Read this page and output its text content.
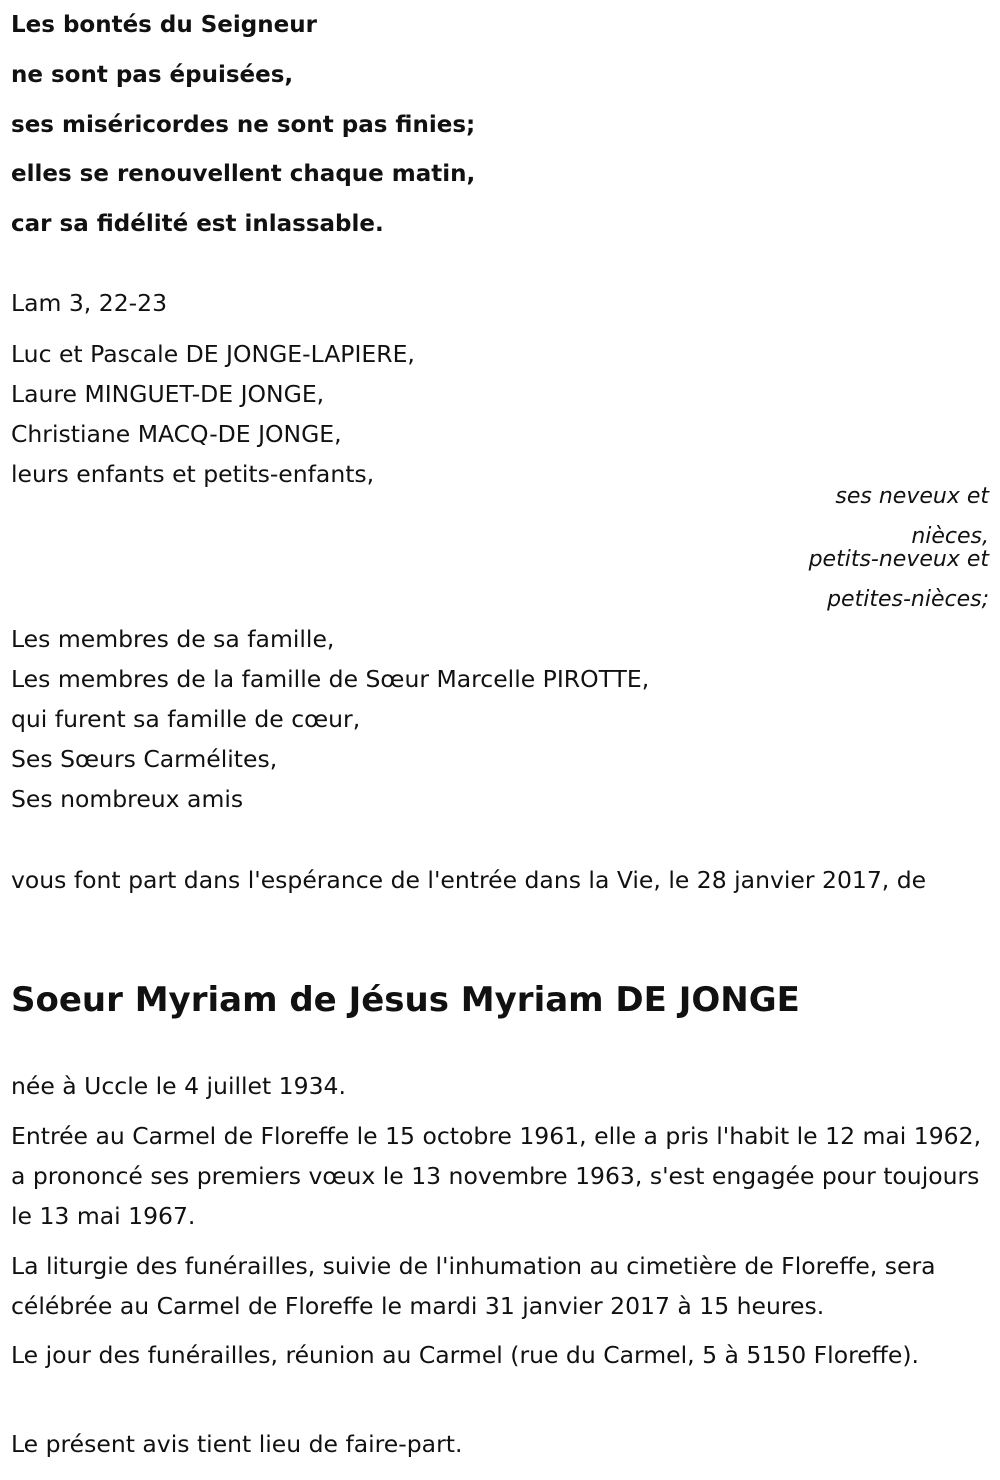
Les bontés du Seigneur
ne sont pas épuisées,
ses miséricordes ne sont pas finies;
elles se renouvellent chaque matin,
car sa fidélité est inlassable.
Lam 3, 22-23
Luc et Pascale DE JONGE-LAPIERE,
Laure MINGUET-DE JONGE,
Christiane MACQ-DE JONGE,
leurs enfants et petits-enfants,
ses neveux et nièces,
petits-neveux et petites-nièces;
Les membres de sa famille,
Les membres de la famille de Sœur Marcelle PIROTTE,
qui furent sa famille de cœur,
Ses Sœurs Carmélites,
Ses nombreux amis
vous font part dans l'espérance de l'entrée dans la Vie, le 28 janvier 2017, de
Soeur Myriam de Jésus Myriam DE JONGE
née à Uccle le 4 juillet 1934.
Entrée au Carmel de Floreffe le 15 octobre 1961, elle a pris l'habit le 12 mai 1962, a prononcé ses premiers vœux le 13 novembre 1963, s'est engagée pour toujours le 13 mai 1967.
La liturgie des funérailles, suivie de l'inhumation au cimetière de Floreffe, sera célébrée au Carmel de Floreffe le mardi 31 janvier 2017 à 15 heures.
Le jour des funérailles, réunion au Carmel (rue du Carmel, 5 à 5150 Floreffe).
Le présent avis tient lieu de faire-part.
